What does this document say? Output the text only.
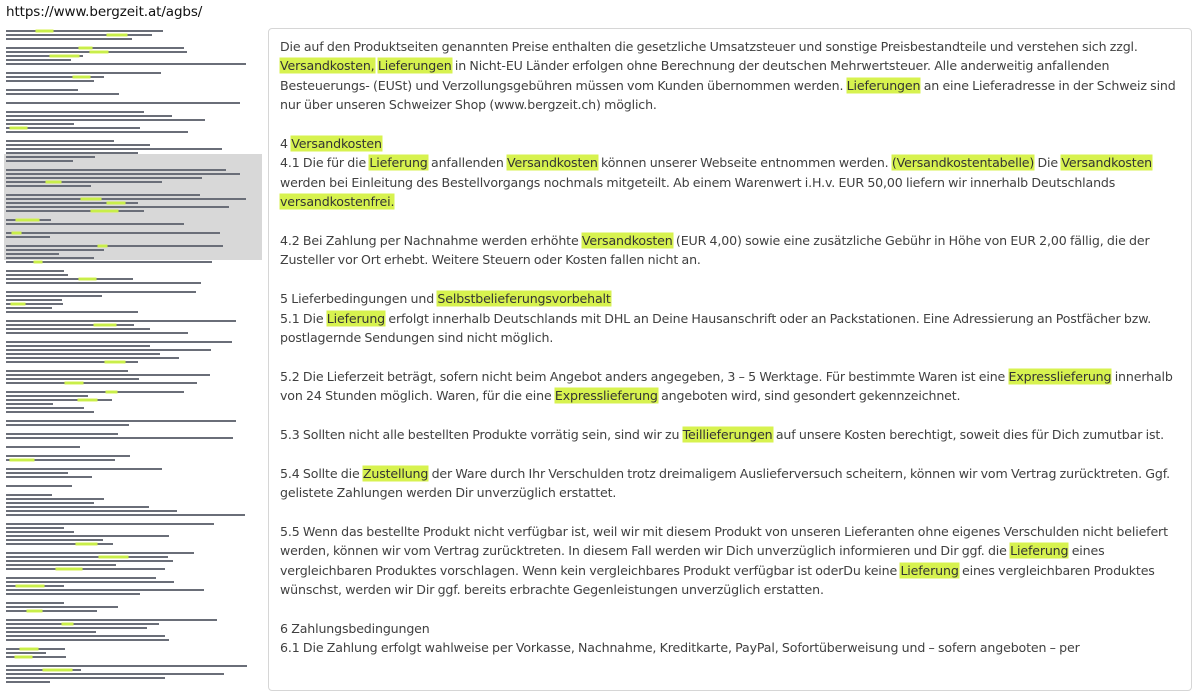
https://www.bergzeit.at/agbs/
Die auf den Produktseiten genannten Preise enthalten die gesetzliche Umsatzsteuer und sonstige Preisbestandteile und verstehen sich zzgl. Versandkosten, Lieferungen in Nicht-EU Länder erfolgen ohne Berechnung der deutschen Mehrwertsteuer. Alle anderweitig anfallenden Besteuerungs- (EUSt) und Verzollungsgebühren müssen vom Kunden übernommen werden. Lieferungen an eine Lieferadresse in der Schweiz sind nur über unseren Schweizer Shop (www.bergzeit.ch) möglich.
4 Versandkosten
4.1 Die für die Lieferung anfallenden Versandkosten können unserer Webseite entnommen werden. (Versandkostentabelle) Die Versandkosten werden bei Einleitung des Bestellvorgangs nochmals mitgeteilt. Ab einem Warenwert i.H.v. EUR 50,00 liefern wir innerhalb Deutschlands versandkostenfrei.
4.2 Bei Zahlung per Nachnahme werden erhöhte Versandkosten (EUR 4,00) sowie eine zusätzliche Gebühr in Höhe von EUR 2,00 fällig, die der Zusteller vor Ort erhebt. Weitere Steuern oder Kosten fallen nicht an.
5 Lieferbedingungen und Selbstbelieferungsvorbehalt
5.1 Die Lieferung erfolgt innerhalb Deutschlands mit DHL an Deine Hausanschrift oder an Packstationen. Eine Adressierung an Postfächer bzw. postlagernde Sendungen sind nicht möglich.
5.2 Die Lieferzeit beträgt, sofern nicht beim Angebot anders angegeben, 3 – 5 Werktage. Für bestimmte Waren ist eine Expresslieferung innerhalb von 24 Stunden möglich. Waren, für die eine Expresslieferung angeboten wird, sind gesondert gekennzeichnet.
5.3 Sollten nicht alle bestellten Produkte vorrätig sein, sind wir zu Teillieferungen auf unsere Kosten berechtigt, soweit dies für Dich zumutbar ist.
5.4 Sollte die Zustellung der Ware durch Ihr Verschulden trotz dreimaligem Auslieferversuch scheitern, können wir vom Vertrag zurücktreten. Ggf. gelistete Zahlungen werden Dir unverzüglich erstattet.
5.5 Wenn das bestellte Produkt nicht verfügbar ist, weil wir mit diesem Produkt von unseren Lieferanten ohne eigenes Verschulden nicht beliefert werden, können wir vom Vertrag zurücktreten. In diesem Fall werden wir Dich unverzüglich informieren und Dir ggf. die Lieferung eines vergleichbaren Produktes vorschlagen. Wenn kein vergleichbares Produkt verfügbar ist oderDu keine Lieferung eines vergleichbaren Produktes wünschst, werden wir Dir ggf. bereits erbrachte Gegenleistungen unverzüglich erstatten.
6 Zahlungsbedingungen
6.1 Die Zahlung erfolgt wahlweise per Vorkasse, Nachnahme, Kreditkarte, PayPal, Sofortüberweisung und – sofern angeboten – per
